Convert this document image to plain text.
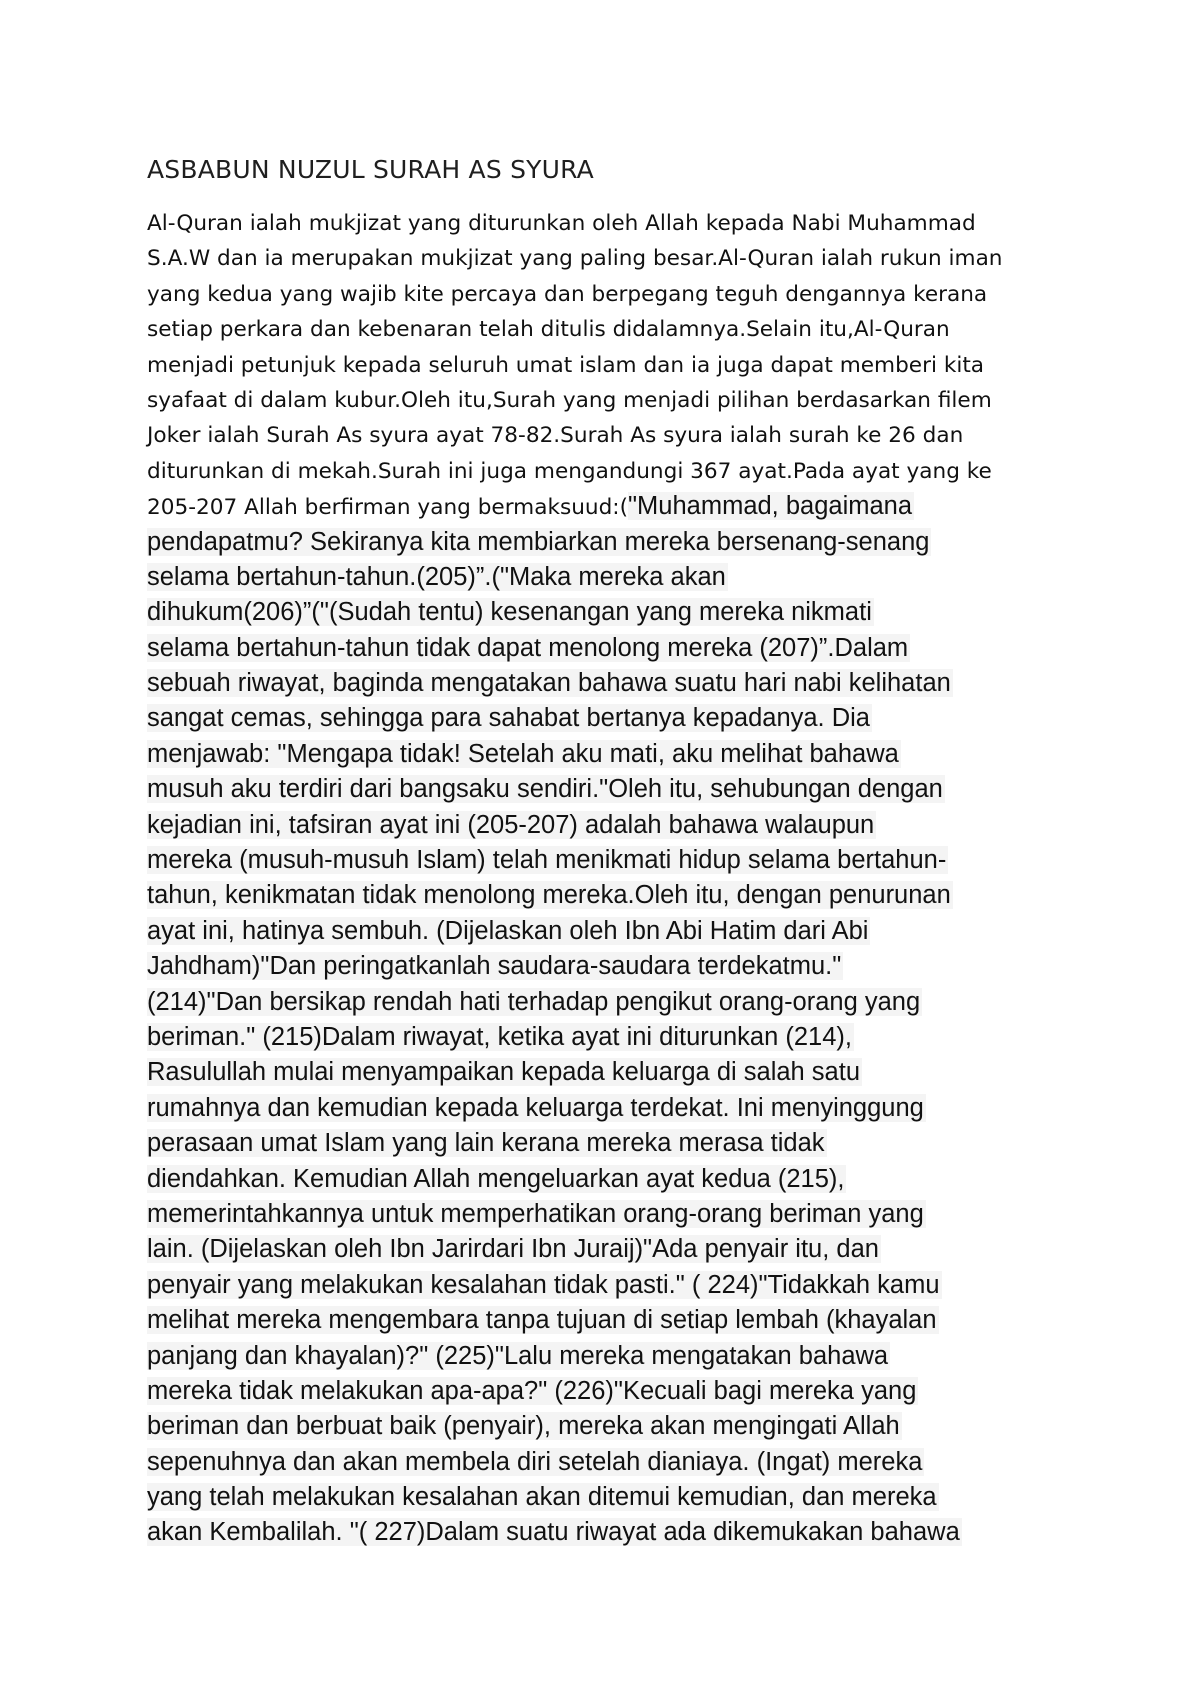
ASBABUN NUZUL SURAH AS SYURA
Al-Quran ialah mukjizat yang diturunkan oleh Allah kepada Nabi Muhammad
S.A.W dan ia merupakan mukjizat yang paling besar.Al-Quran ialah rukun iman
yang kedua yang wajib kite percaya dan berpegang teguh dengannya kerana
setiap perkara dan kebenaran telah ditulis didalamnya.Selain itu,Al-Quran
menjadi petunjuk kepada seluruh umat islam dan ia juga dapat memberi kita
syafaat di dalam kubur.Oleh itu,Surah yang menjadi pilihan berdasarkan filem
Joker ialah Surah As syura ayat 78-82.Surah As syura ialah surah ke 26 dan
diturunkan di mekah.Surah ini juga mengandungi 367 ayat.Pada ayat yang ke
205-207 Allah berfirman yang bermaksuud:("Muhammad, bagaimana
pendapatmu? Sekiranya kita membiarkan mereka bersenang-senang
selama bertahun-tahun.(205)”.("Maka mereka akan
dihukum(206)”("(Sudah tentu) kesenangan yang mereka nikmati
selama bertahun-tahun tidak dapat menolong mereka (207)”.Dalam
sebuah riwayat, baginda mengatakan bahawa suatu hari nabi kelihatan
sangat cemas, sehingga para sahabat bertanya kepadanya. Dia
menjawab: "Mengapa tidak! Setelah aku mati, aku melihat bahawa
musuh aku terdiri dari bangsaku sendiri."Oleh itu, sehubungan dengan
kejadian ini, tafsiran ayat ini (205-207) adalah bahawa walaupun
mereka (musuh-musuh Islam) telah menikmati hidup selama bertahun-
tahun, kenikmatan tidak menolong mereka.Oleh itu, dengan penurunan
ayat ini, hatinya sembuh. (Dijelaskan oleh Ibn Abi Hatim dari Abi
Jahdham)"Dan peringatkanlah saudara-saudara terdekatmu."
(214)"Dan bersikap rendah hati terhadap pengikut orang-orang yang
beriman." (215)Dalam riwayat, ketika ayat ini diturunkan (214),
Rasulullah mulai menyampaikan kepada keluarga di salah satu
rumahnya dan kemudian kepada keluarga terdekat. Ini menyinggung
perasaan umat Islam yang lain kerana mereka merasa tidak
diendahkan. Kemudian Allah mengeluarkan ayat kedua (215),
memerintahkannya untuk memperhatikan orang-orang beriman yang
lain. (Dijelaskan oleh Ibn Jarirdari Ibn Juraij)"Ada penyair itu, dan
penyair yang melakukan kesalahan tidak pasti." ( 224)"Tidakkah kamu
melihat mereka mengembara tanpa tujuan di setiap lembah (khayalan
panjang dan khayalan)?" (225)"Lalu mereka mengatakan bahawa
mereka tidak melakukan apa-apa?" (226)"Kecuali bagi mereka yang
beriman dan berbuat baik (penyair), mereka akan mengingati Allah
sepenuhnya dan akan membela diri setelah dianiaya. (Ingat) mereka
yang telah melakukan kesalahan akan ditemui kemudian, dan mereka
akan Kembalilah. "( 227)Dalam suatu riwayat ada dikemukakan bahawa
